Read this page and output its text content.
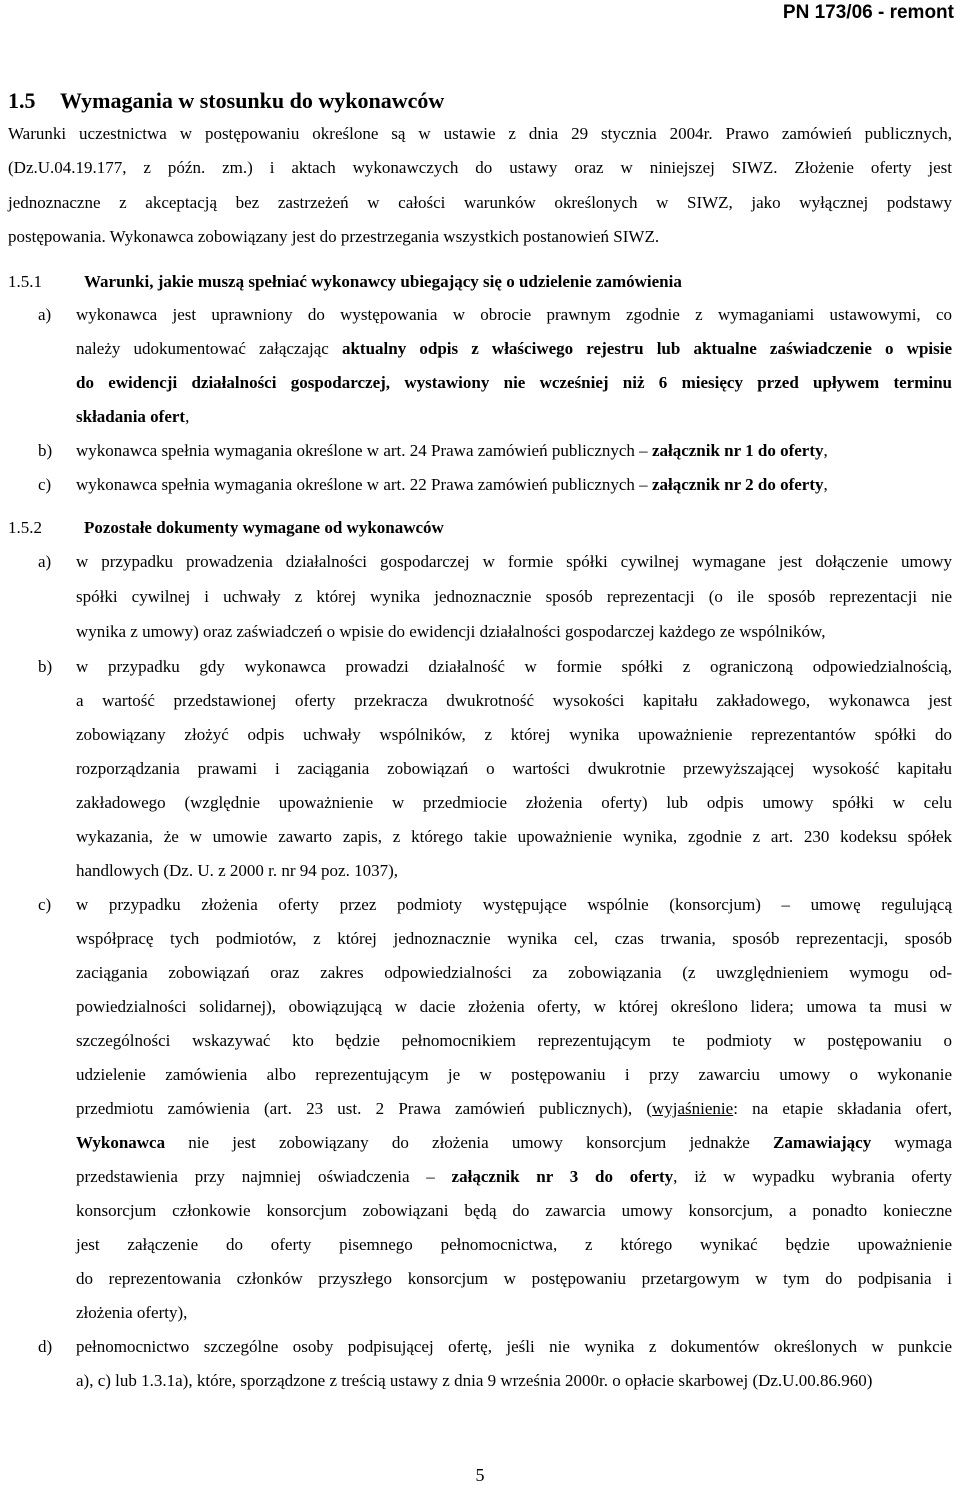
PN 173/06 - remont
1.5 Wymagania w stosunku do wykonawców
Warunki uczestnictwa w postępowaniu określone są w ustawie z dnia 29 stycznia 2004r. Prawo zamówień publicznych,
(Dz.U.04.19.177, z późn. zm.) i aktach wykonawczych do ustawy oraz w niniejszej SIWZ. Złożenie oferty jest
jednoznaczne z akceptacją bez zastrzeżeń w całości warunków określonych w SIWZ, jako wyłącznej podstawy
postępowania. Wykonawca zobowiązany jest do przestrzegania wszystkich postanowień SIWZ.
1.5.1 Warunki, jakie muszą spełniać wykonawcy ubiegający się o udzielenie zamówienia
a) wykonawca jest uprawniony do występowania w obrocie prawnym zgodnie z wymaganiami ustawowymi, co
należy udokumentować załączając aktualny odpis z właściwego rejestru lub aktualne zaświadczenie o wpisie
do ewidencji działalności gospodarczej, wystawiony nie wcześniej niż 6 miesięcy przed upływem terminu
składania ofert,
b) wykonawca spełnia wymagania określone w art. 24 Prawa zamówień publicznych – załącznik nr 1 do oferty,
c) wykonawca spełnia wymagania określone w art. 22 Prawa zamówień publicznych – załącznik nr 2 do oferty,
1.5.2 Pozostałe dokumenty wymagane od wykonawców
a) w przypadku prowadzenia działalności gospodarczej w formie spółki cywilnej wymagane jest dołączenie umowy
spółki cywilnej i uchwały z której wynika jednoznacznie sposób reprezentacji (o ile sposób reprezentacji nie
wynika z umowy) oraz zaświadczeń o wpisie do ewidencji działalności gospodarczej każdego ze wspólników,
b) w przypadku gdy wykonawca prowadzi działalność w formie spółki z ograniczoną odpowiedzialnością,
a wartość przedstawionej oferty przekracza dwukrotność wysokości kapitału zakładowego, wykonawca jest
zobowiązany złożyć odpis uchwały wspólników, z której wynika upoważnienie reprezentantów spółki do
rozporządzania prawami i zaciągania zobowiązań o wartości dwukrotnie przewyższającej wysokość kapitału
zakładowego (względnie upoważnienie w przedmiocie złożenia oferty) lub odpis umowy spółki w celu
wykazania, że w umowie zawarto zapis, z którego takie upoważnienie wynika, zgodnie z art. 230 kodeksu spółek
handlowych (Dz. U. z 2000 r. nr 94 poz. 1037),
c) w przypadku złożenia oferty przez podmioty występujące wspólnie (konsorcjum) – umowę regulującą
współpracę tych podmiotów, z której jednoznacznie wynika cel, czas trwania, sposób reprezentacji, sposób
zaciągania zobowiązań oraz zakres odpowiedzialności za zobowiązania (z uwzględnieniem wymogu od-
powiedzialności solidarnej), obowiązującą w dacie złożenia oferty, w której określono lidera; umowa ta musi w
szczególności wskazywać kto będzie pełnomocnikiem reprezentującym te podmioty w postępowaniu o
udzielenie zamówienia albo reprezentującym je w postępowaniu i przy zawarciu umowy o wykonanie
przedmiotu zamówienia (art. 23 ust. 2 Prawa zamówień publicznych), (wyjaśnienie: na etapie składania ofert,
Wykonawca nie jest zobowiązany do złożenia umowy konsorcjum jednakże Zamawiający wymaga
przedstawienia przy najmniej oświadczenia – załącznik nr 3 do oferty, iż w wypadku wybrania oferty
konsorcjum członkowie konsorcjum zobowiązani będą do zawarcia umowy konsorcjum, a ponadto konieczne
jest załączenie do oferty pisemnego pełnomocnictwa, z którego wynikać będzie upoważnienie
do reprezentowania członków przyszłego konsorcjum w postępowaniu przetargowym w tym do podpisania i
złożenia oferty),
d) pełnomocnictwo szczególne osoby podpisującej ofertę, jeśli nie wynika z dokumentów określonych w punkcie
a), c) lub 1.3.1a), które, sporządzone z treścią ustawy z dnia 9 września 2000r. o opłacie skarbowej (Dz.U.00.86.960)
5
